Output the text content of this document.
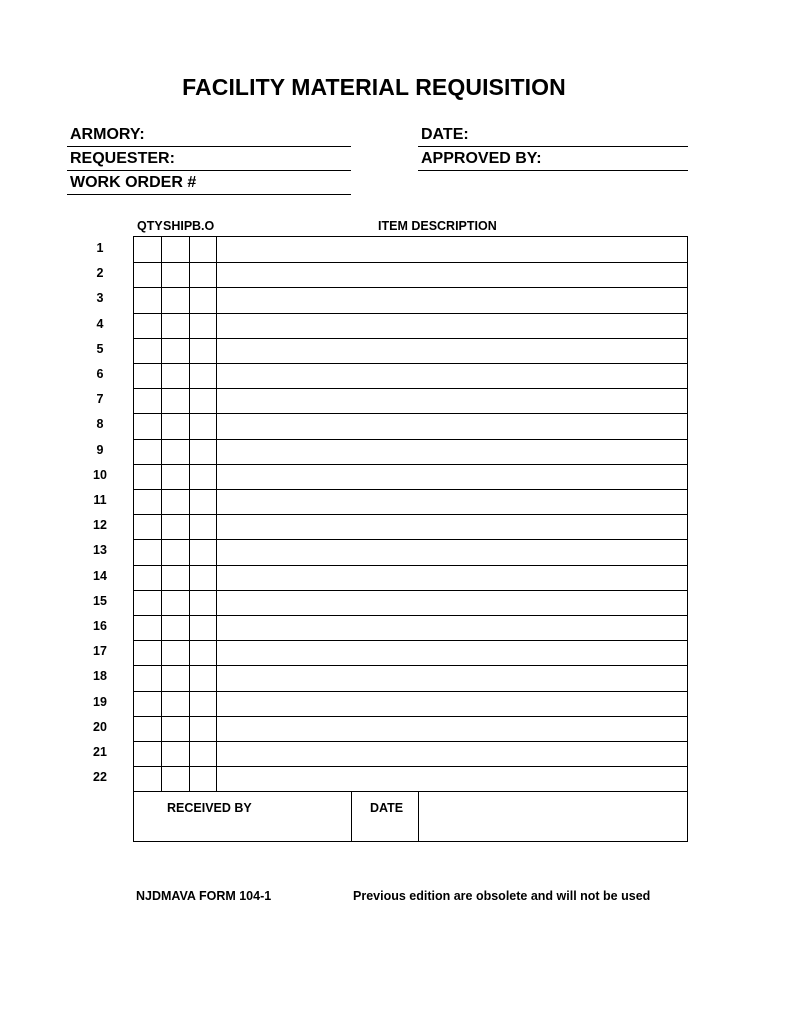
FACILITY MATERIAL REQUISITION
ARMORY:
REQUESTER:
WORK ORDER #
DATE:
APPROVED BY:
QTY SHIP B.O	ITEM DESCRIPTION
1
2
3
4
5
6
7
8
9
10
11
12
13
14
15
16
17
18
19
20
21
22
RECEIVED BY	DATE
NJDMAVA FORM 104-1	Previous edition are obsolete and will not be used
